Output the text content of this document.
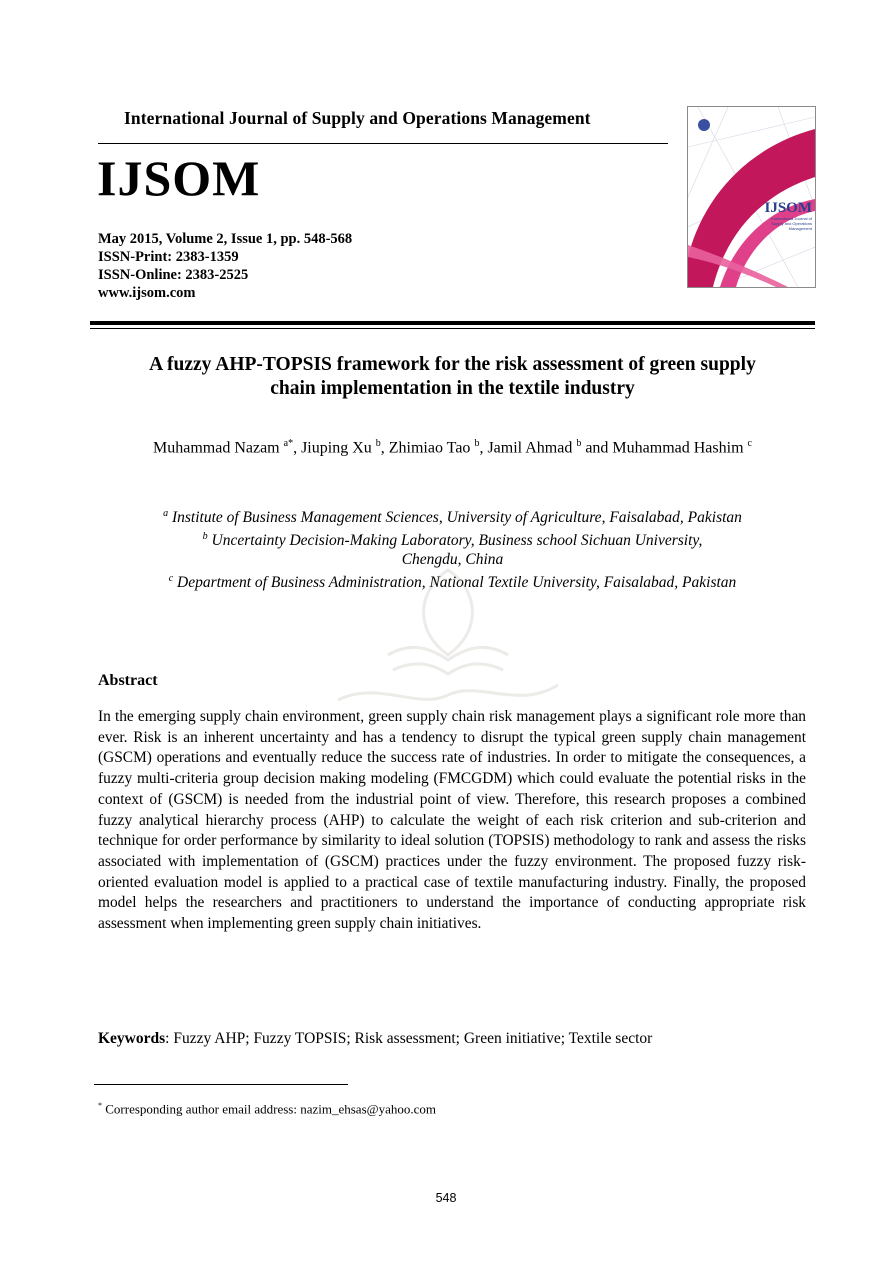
International Journal of Supply and Operations Management
IJSOM
May 2015, Volume 2, Issue 1, pp. 548-568
ISSN-Print: 2383-1359
ISSN-Online: 2383-2525
www.ijsom.com
IJSOM
International Journal of
Supply and Operations
Management
A fuzzy AHP-TOPSIS framework for the risk assessment of green supply
chain implementation in the textile industry
Muhammad Nazam $^{a*}$, Jiuping Xu $^b$, Zhimiao Tao $^b$, Jamil Ahmad $^b$ and Muhammad Hashim $^c$
$^a$ Institute of Business Management Sciences, University of Agriculture, Faisalabad, Pakistan
$^b$ Uncertainty Decision-Making Laboratory, Business school Sichuan University,
Chengdu, China
$^c$ Department of Business Administration, National Textile University, Faisalabad, Pakistan
Abstract
In the emerging supply chain environment, green supply chain risk management plays a significant role more than ever. Risk is an inherent uncertainty and has a tendency to disrupt the typical green supply chain management (GSCM) operations and eventually reduce the success rate of industries. In order to mitigate the consequences, a fuzzy multi-criteria group decision making modeling (FMCGDM) which could evaluate the potential risks in the context of (GSCM) is needed from the industrial point of view. Therefore, this research proposes a combined fuzzy analytical hierarchy process (AHP) to calculate the weight of each risk criterion and sub-criterion and technique for order performance by similarity to ideal solution (TOPSIS) methodology to rank and assess the risks associated with implementation of (GSCM) practices under the fuzzy environment. The proposed fuzzy risk-oriented evaluation model is applied to a practical case of textile manufacturing industry. Finally, the proposed model helps the researchers and practitioners to understand the importance of conducting appropriate risk assessment when implementing green supply chain initiatives.
Keywords: Fuzzy AHP; Fuzzy TOPSIS; Risk assessment; Green initiative; Textile sector
* Corresponding author email address: nazim_ehsas@yahoo.com
548
